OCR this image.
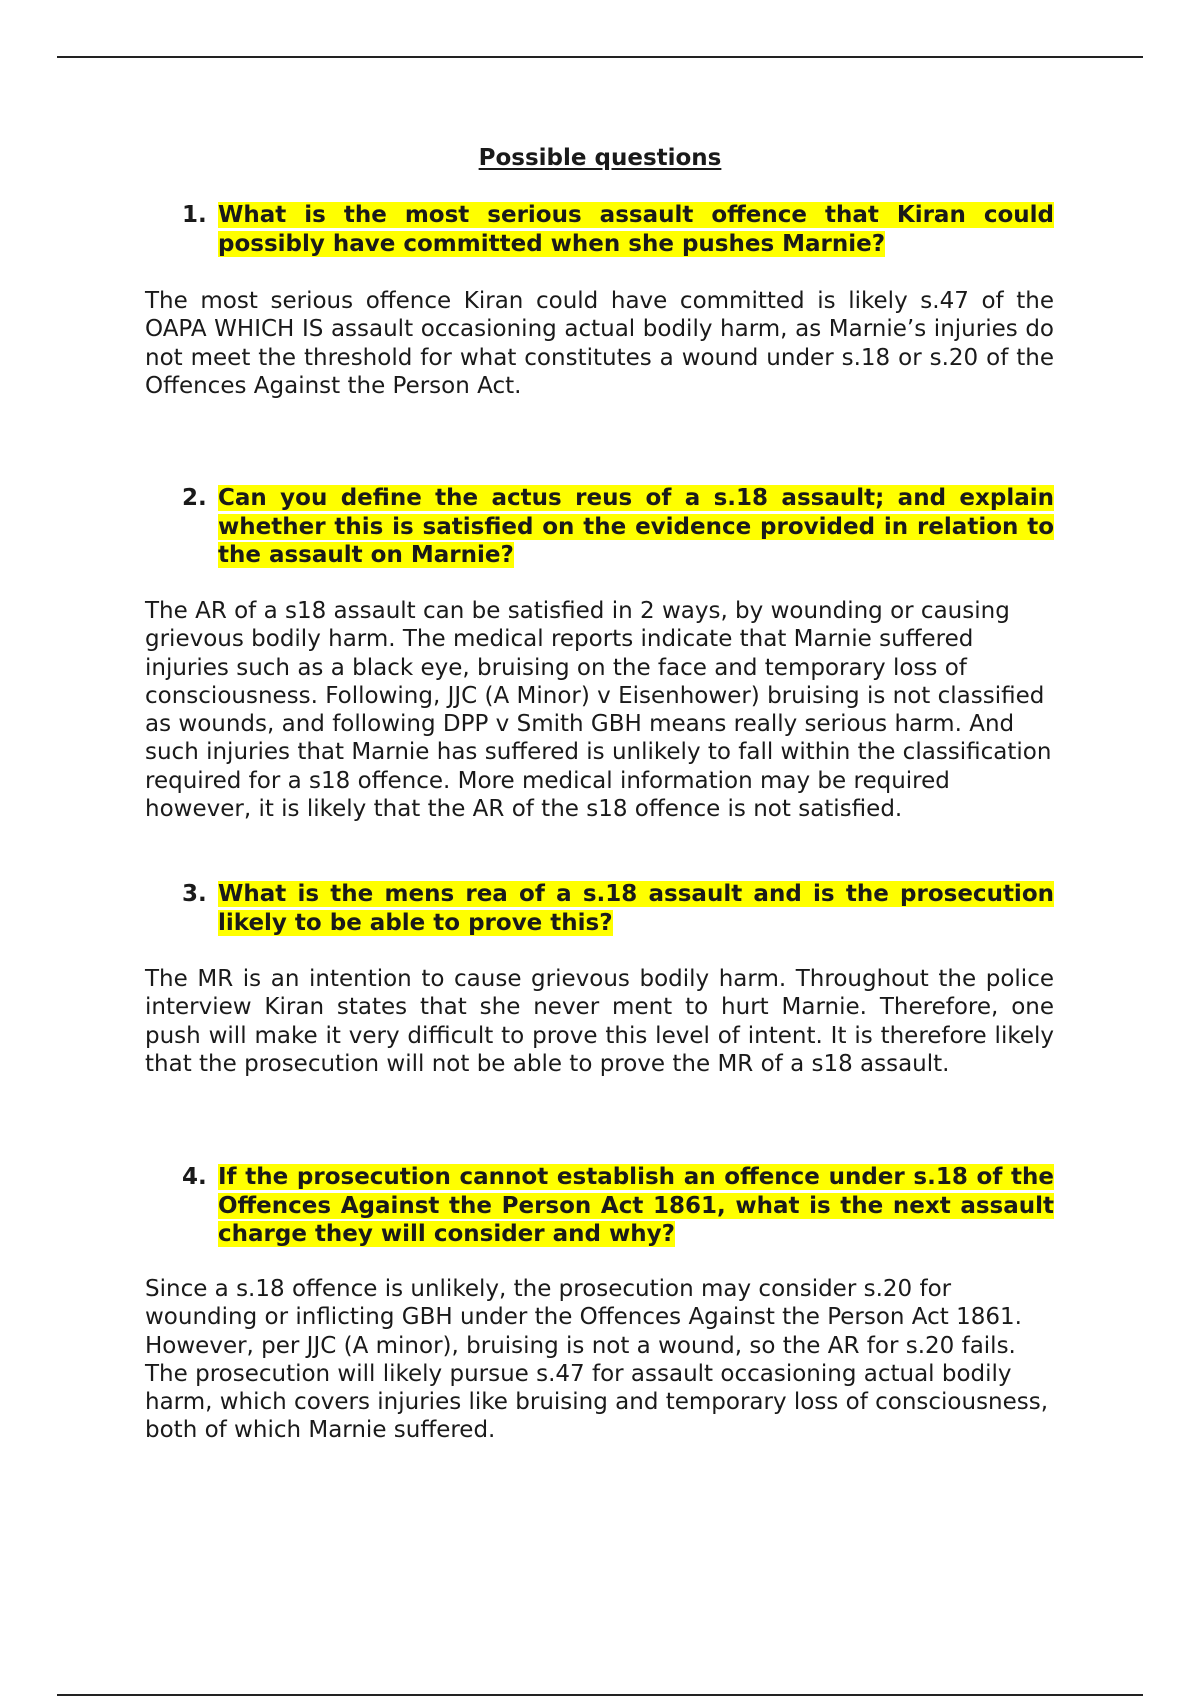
Possible questions
1. What is the most serious assault offence that Kiran could possibly have committed when she pushes Marnie?
The most serious offence Kiran could have committed is likely s.47 of the OAPA WHICH IS assault occasioning actual bodily harm, as Marnie’s injuries do not meet the threshold for what constitutes a wound under s.18 or s.20 of the Offences Against the Person Act.
2. Can you define the actus reus of a s.18 assault; and explain whether this is satisfied on the evidence provided in relation to the assault on Marnie?
The AR of a s18 assault can be satisfied in 2 ways, by wounding or causing grievous bodily harm. The medical reports indicate that Marnie suffered injuries such as a black eye, bruising on the face and temporary loss of consciousness. Following, JJC (A Minor) v Eisenhower) bruising is not classified as wounds, and following DPP v Smith GBH means really serious harm. And such injuries that Marnie has suffered is unlikely to fall within the classification required for a s18 offence. More medical information may be required however, it is likely that the AR of the s18 offence is not satisfied.
3. What is the mens rea of a s.18 assault and is the prosecution likely to be able to prove this?
The MR is an intention to cause grievous bodily harm. Throughout the police interview Kiran states that she never ment to hurt Marnie. Therefore, one push will make it very difficult to prove this level of intent. It is therefore likely that the prosecution will not be able to prove the MR of a s18 assault.
4. If the prosecution cannot establish an offence under s.18 of the Offences Against the Person Act 1861, what is the next assault charge they will consider and why?
Since a s.18 offence is unlikely, the prosecution may consider s.20 for wounding or inflicting GBH under the Offences Against the Person Act 1861. However, per JJC (A minor), bruising is not a wound, so the AR for s.20 fails. The prosecution will likely pursue s.47 for assault occasioning actual bodily harm, which covers injuries like bruising and temporary loss of consciousness, both of which Marnie suffered.
